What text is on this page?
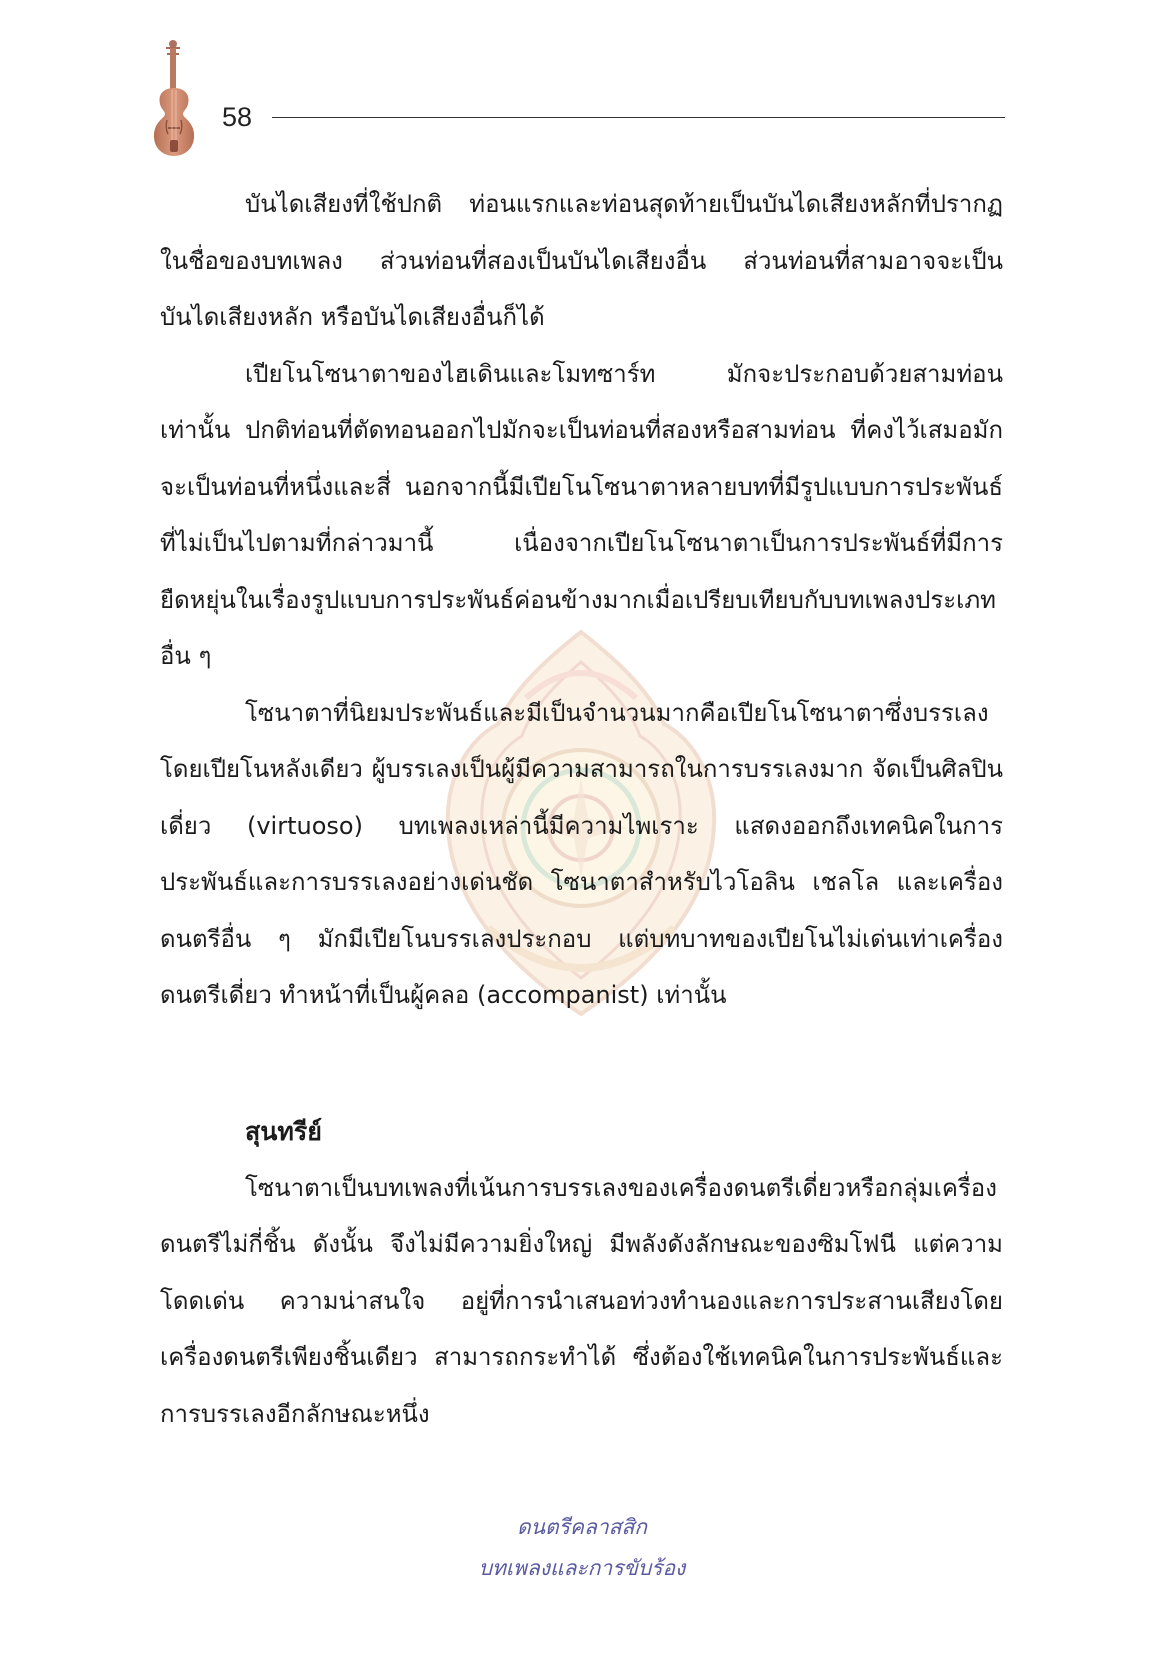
58

บันไดเสียงที่ใช้ปกติ ท่อนแรกและท่อนสุดท้ายเป็นบันไดเสียงหลักที่ปรากฏในชื่อของบทเพลง ส่วนท่อนที่สองเป็นบันไดเสียงอื่น ส่วนท่อนที่สามอาจจะเป็นบันไดเสียงหลัก หรือบันไดเสียงอื่นก็ได้

เปียโนโซนาตาของไฮเดินและโมทซาร์ท มักจะประกอบด้วยสามท่อนเท่านั้น ปกติท่อนที่ตัดทอนออกไปมักจะเป็นท่อนที่สองหรือสามท่อน ที่คงไว้เสมอมักจะเป็นท่อนที่หนึ่งและสี่ นอกจากนี้มีเปียโนโซนาตาหลายบทที่มีรูปแบบการประพันธ์ที่ไม่เป็นไปตามที่กล่าวมานี้ เนื่องจากเปียโนโซนาตาเป็นการประพันธ์ที่มีการยืดหยุ่นในเรื่องรูปแบบการประพันธ์ค่อนข้างมากเมื่อเปรียบเทียบกับบทเพลงประเภทอื่น ๆ

โซนาตาที่นิยมประพันธ์และมีเป็นจำนวนมากคือเปียโนโซนาตาซึ่งบรรเลงโดยเปียโนหลังเดียว ผู้บรรเลงเป็นผู้มีความสามารถในการบรรเลงมาก จัดเป็นศิลปินเดี่ยว (virtuoso) บทเพลงเหล่านี้มีความไพเราะ แสดงออกถึงเทคนิคในการประพันธ์และการบรรเลงอย่างเด่นชัด โซนาตาสำหรับไวโอลิน เชลโล และเครื่องดนตรีอื่น ๆ มักมีเปียโนบรรเลงประกอบ แต่บทบาทของเปียโนไม่เด่นเท่าเครื่องดนตรีเดี่ยว ทำหน้าที่เป็นผู้คลอ (accompanist) เท่านั้น

สุนทรีย์

โซนาตาเป็นบทเพลงที่เน้นการบรรเลงของเครื่องดนตรีเดี่ยวหรือกลุ่มเครื่องดนตรีไม่กี่ชิ้น ดังนั้น จึงไม่มีความยิ่งใหญ่ มีพลังดังลักษณะของซิมโฟนี แต่ความโดดเด่น ความน่าสนใจ อยู่ที่การนำเสนอท่วงทำนองและการประสานเสียงโดยเครื่องดนตรีเพียงชิ้นเดียว สามารถกระทำได้ ซึ่งต้องใช้เทคนิคในการประพันธ์และการบรรเลงอีกลักษณะหนึ่ง

ดนตรีคลาสสิก
บทเพลงและการขับร้อง
